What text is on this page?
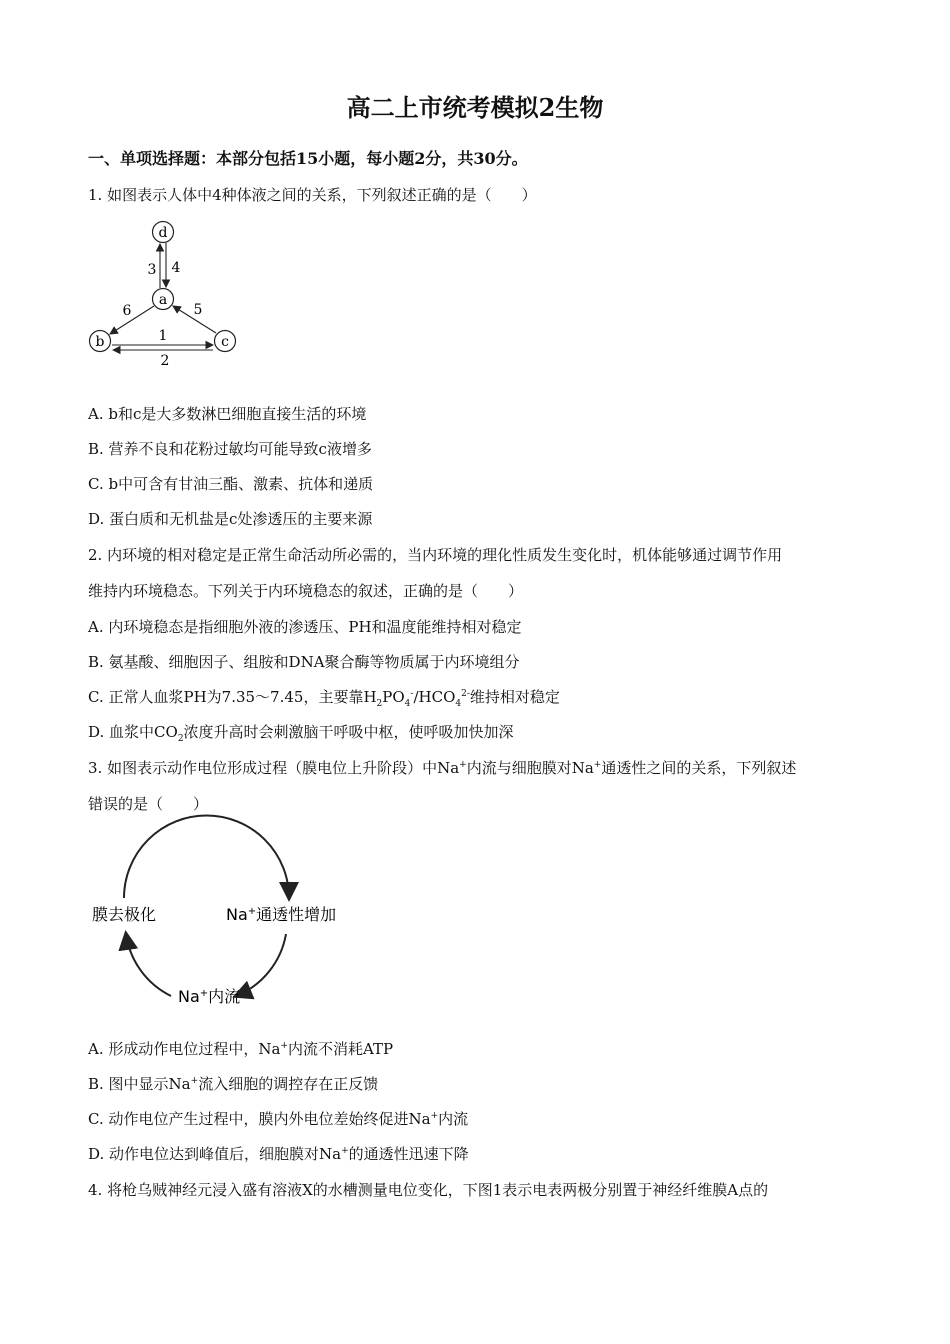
高二上市统考模拟2生物
一、单项选择题：本部分包括15小题，每小题2分，共30分。
1. 如图表示人体中4种体液之间的关系，下列叙述正确的是（　　）
d
a
b	c
1
2
3 4
5
6
A. b和c是大多数淋巴细胞直接生活的环境
B. 营养不良和花粉过敏均可能导致c液增多
C. b中可含有甘油三酯、激素、抗体和递质
D. 蛋白质和无机盐是c处渗透压的主要来源
2. 内环境的相对稳定是正常生命活动所必需的，当内环境的理化性质发生变化时，机体能够通过调节作用
维持内环境稳态。下列关于内环境稳态的叙述，正确的是（　　）
A. 内环境稳态是指细胞外液的渗透压、PH和温度能维持相对稳定
B. 氨基酸、细胞因子、组胺和DNA聚合酶等物质属于内环境组分
C. 正常人血浆PH为7.35～7.45，主要靠$H_2PO_4^-/HCO_4^{2-}$维持相对稳定
D. 血浆中$CO_2$浓度升高时会刺激脑干呼吸中枢，使呼吸加快加深
3. 如图表示动作电位形成过程（膜电位上升阶段）中Na+内流与细胞膜对Na+通透性之间的关系，下列叙述
错误的是（　　）
膜去极化	Na+通透性增加
Na+内流
A. 形成动作电位过程中，Na+内流不消耗ATP
B. 图中显示Na+流入细胞的调控存在正反馈
C. 动作电位产生过程中，膜内外电位差始终促进Na+内流
D. 动作电位达到峰值后，细胞膜对Na+的通透性迅速下降
4. 将枪乌贼神经元浸入盛有溶液X的水槽测量电位变化，下图1表示电表两极分别置于神经纤维膜A点的
